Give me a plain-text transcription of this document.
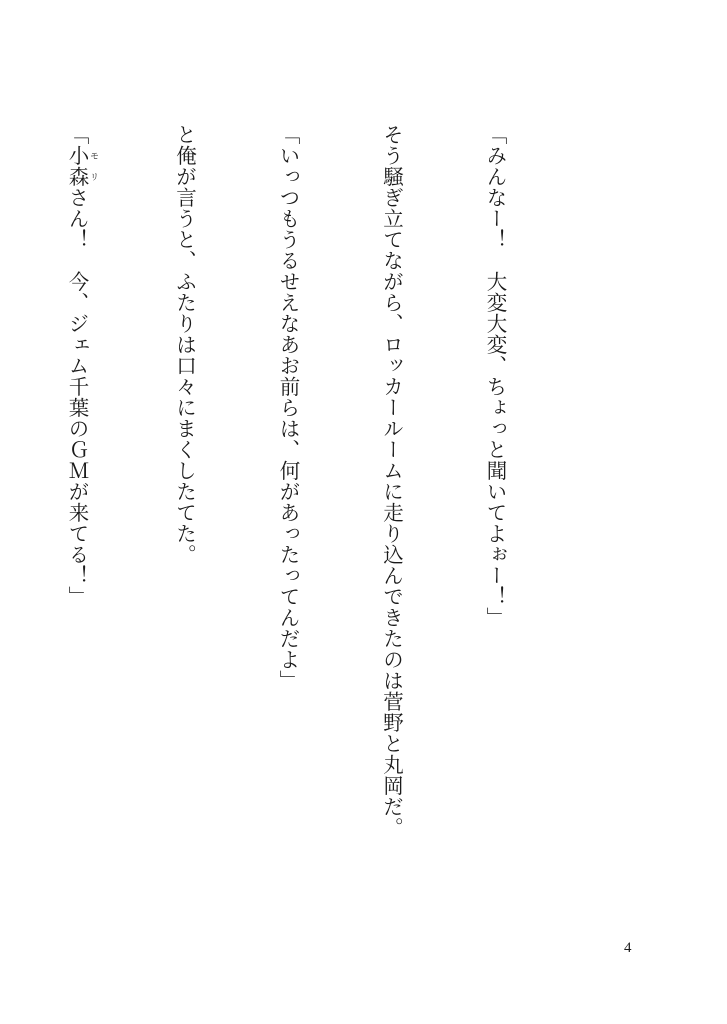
「みんなー！　大変大変、ちょっと聞いてよぉー！」

そう騒ぎ立てながら、ロッカールームに走り込んできたのは菅野と丸岡だ。

「いっつもうるせえなあお前らは、何があったってんだよ」

と俺が言うと、ふたりは口々にまくしたてた。

「小森 モリさん！　今、ジェム千葉のＧＭが来てる！」

4
